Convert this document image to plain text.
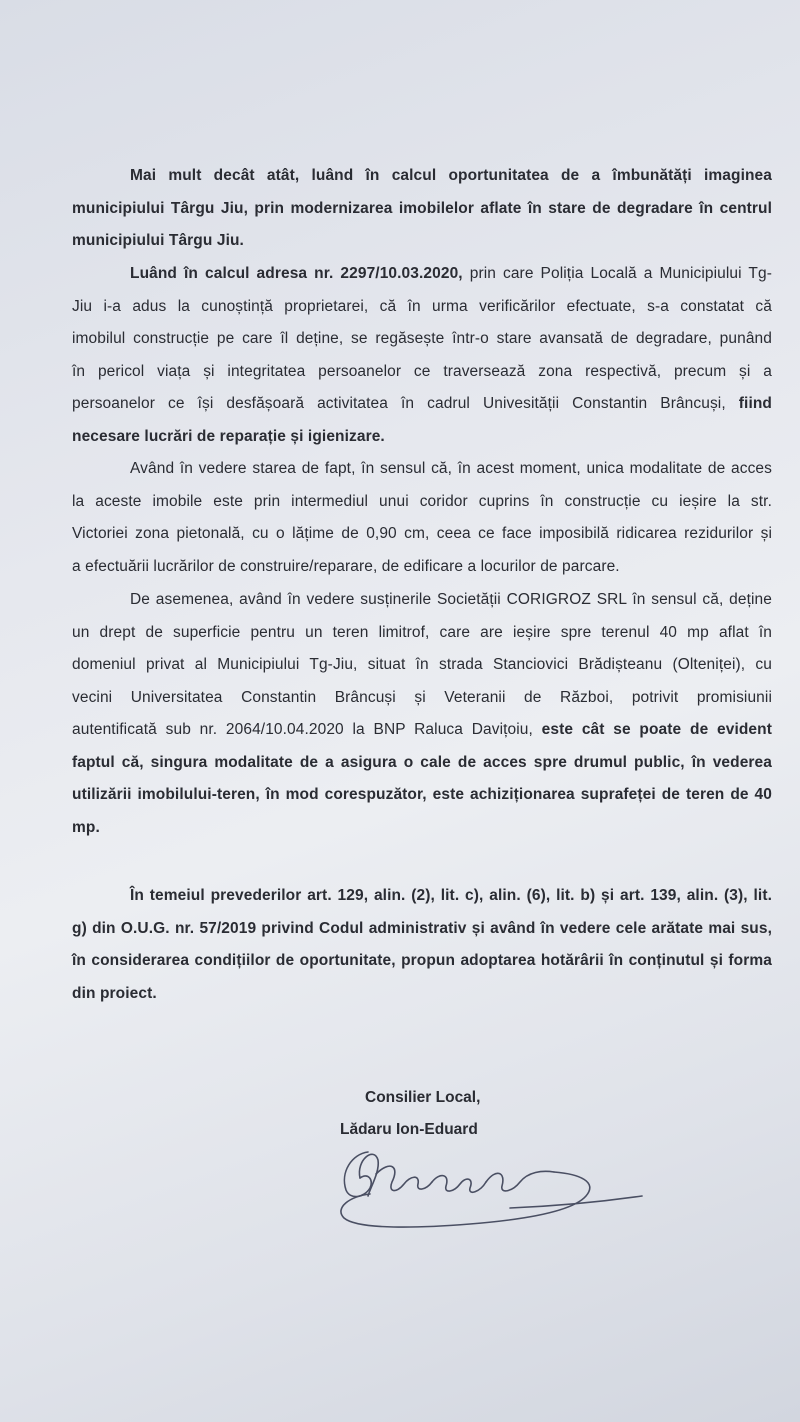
Mai mult decât atât, luând în calcul oportunitatea de a îmbunătăți imaginea
municipiului Târgu Jiu, prin modernizarea imobilelor aflate în stare de degradare în centrul
municipiului Târgu Jiu.
Luând în calcul adresa nr. 2297/10.03.2020, prin care Poliția Locală a Municipiului Tg-
Jiu i-a adus la cunoștință proprietarei, că în urma verificărilor efectuate, s-a constatat că
imobilul construcție pe care îl deține, se regăsește într-o stare avansată de degradare, punând
în pericol viața și integritatea persoanelor ce traversează zona respectivă, precum și a
persoanelor ce își desfășoară activitatea în cadrul Univesității Constantin Brâncuși, fiind
necesare lucrări de reparație și igienizare.
Având în vedere starea de fapt, în sensul că, în acest moment, unica modalitate de acces
la aceste imobile este prin intermediul unui coridor cuprins în construcție cu ieșire la str.
Victoriei zona pietonală, cu o lățime de 0,90 cm, ceea ce face imposibilă ridicarea rezidurilor și
a efectuării lucrărilor de construire/reparare, de edificare a locurilor de parcare.
De asemenea, având în vedere susținerile Societății CORIGROZ SRL în sensul că, deține
un drept de superficie pentru un teren limitrof, care are ieșire spre terenul 40 mp aflat în
domeniul privat al Municipiului Tg-Jiu, situat în strada Stanciovici Brădișteanu (Olteniței), cu
vecini Universitatea Constantin Brâncuși și Veteranii de Război, potrivit promisiunii
autentificată sub nr. 2064/10.04.2020 la BNP Raluca Davițoiu, este cât se poate de evident
faptul că, singura modalitate de a asigura o cale de acces spre drumul public, în vederea
utilizării imobilului-teren, în mod corespuzător, este achiziționarea suprafeței de teren de 40
mp.
În temeiul prevederilor art. 129, alin. (2), lit. c), alin. (6), lit. b) și art. 139, alin. (3), lit.
g) din O.U.G. nr. 57/2019 privind Codul administrativ și având în vedere cele arătate mai sus,
în considerarea condițiilor de oportunitate, propun adoptarea hotărârii în conținutul și forma
din proiect.
Consilier Local,
Lădaru Ion-Eduard
